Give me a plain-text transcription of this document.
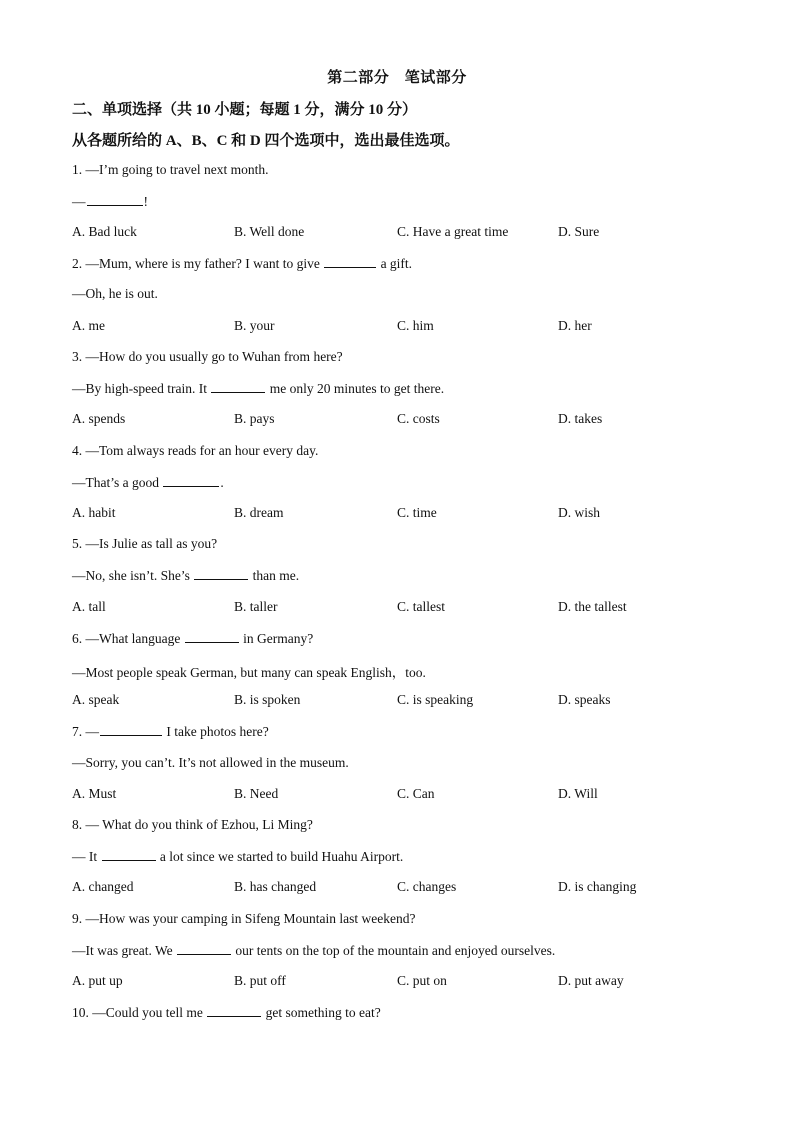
第二部分　笔试部分
二、单项选择（共 10 小题；每题 1 分，满分 10 分）
从各题所给的 A、B、C 和 D 四个选项中，选出最佳选项。
1. —I’m going to travel next month.
—	!
A. Bad luck	B. Well done	C. Have a great time	D. Sure
2. —Mum, where is my father? I want to give	a gift.
—Oh, he is out.
A. me	B. your	C. him	D. her
3. —How do you usually go to Wuhan from here?
—By high-speed train. It	me only 20 minutes to get there.
A. spends	B. pays	C. costs	D. takes
4. —Tom always reads for an hour every day.
—That’s a good	.
A. habit	B. dream	C. time	D. wish
5. —Is Julie as tall as you?
—No, she isn’t. She’s	than me.
A. tall	B. taller	C. tallest	D. the tallest
6. —What language	in Germany?
—Most people speak German, but many can speak English，too.
A. speak	B. is spoken	C. is speaking	D. speaks
7. —	I take photos here?
—Sorry, you can’t. It’s not allowed in the museum.
A. Must	B. Need	C. Can	D. Will
8. — What do you think of Ezhou, Li Ming?
— It	a lot since we started to build Huahu Airport.
A. changed	B. has changed	C. changes	D. is changing
9. —How was your camping in Sifeng Mountain last weekend?
—It was great. We	our tents on the top of the mountain and enjoyed ourselves.
A. put up	B. put off	C. put on	D. put away
10. —Could you tell me	get something to eat?
